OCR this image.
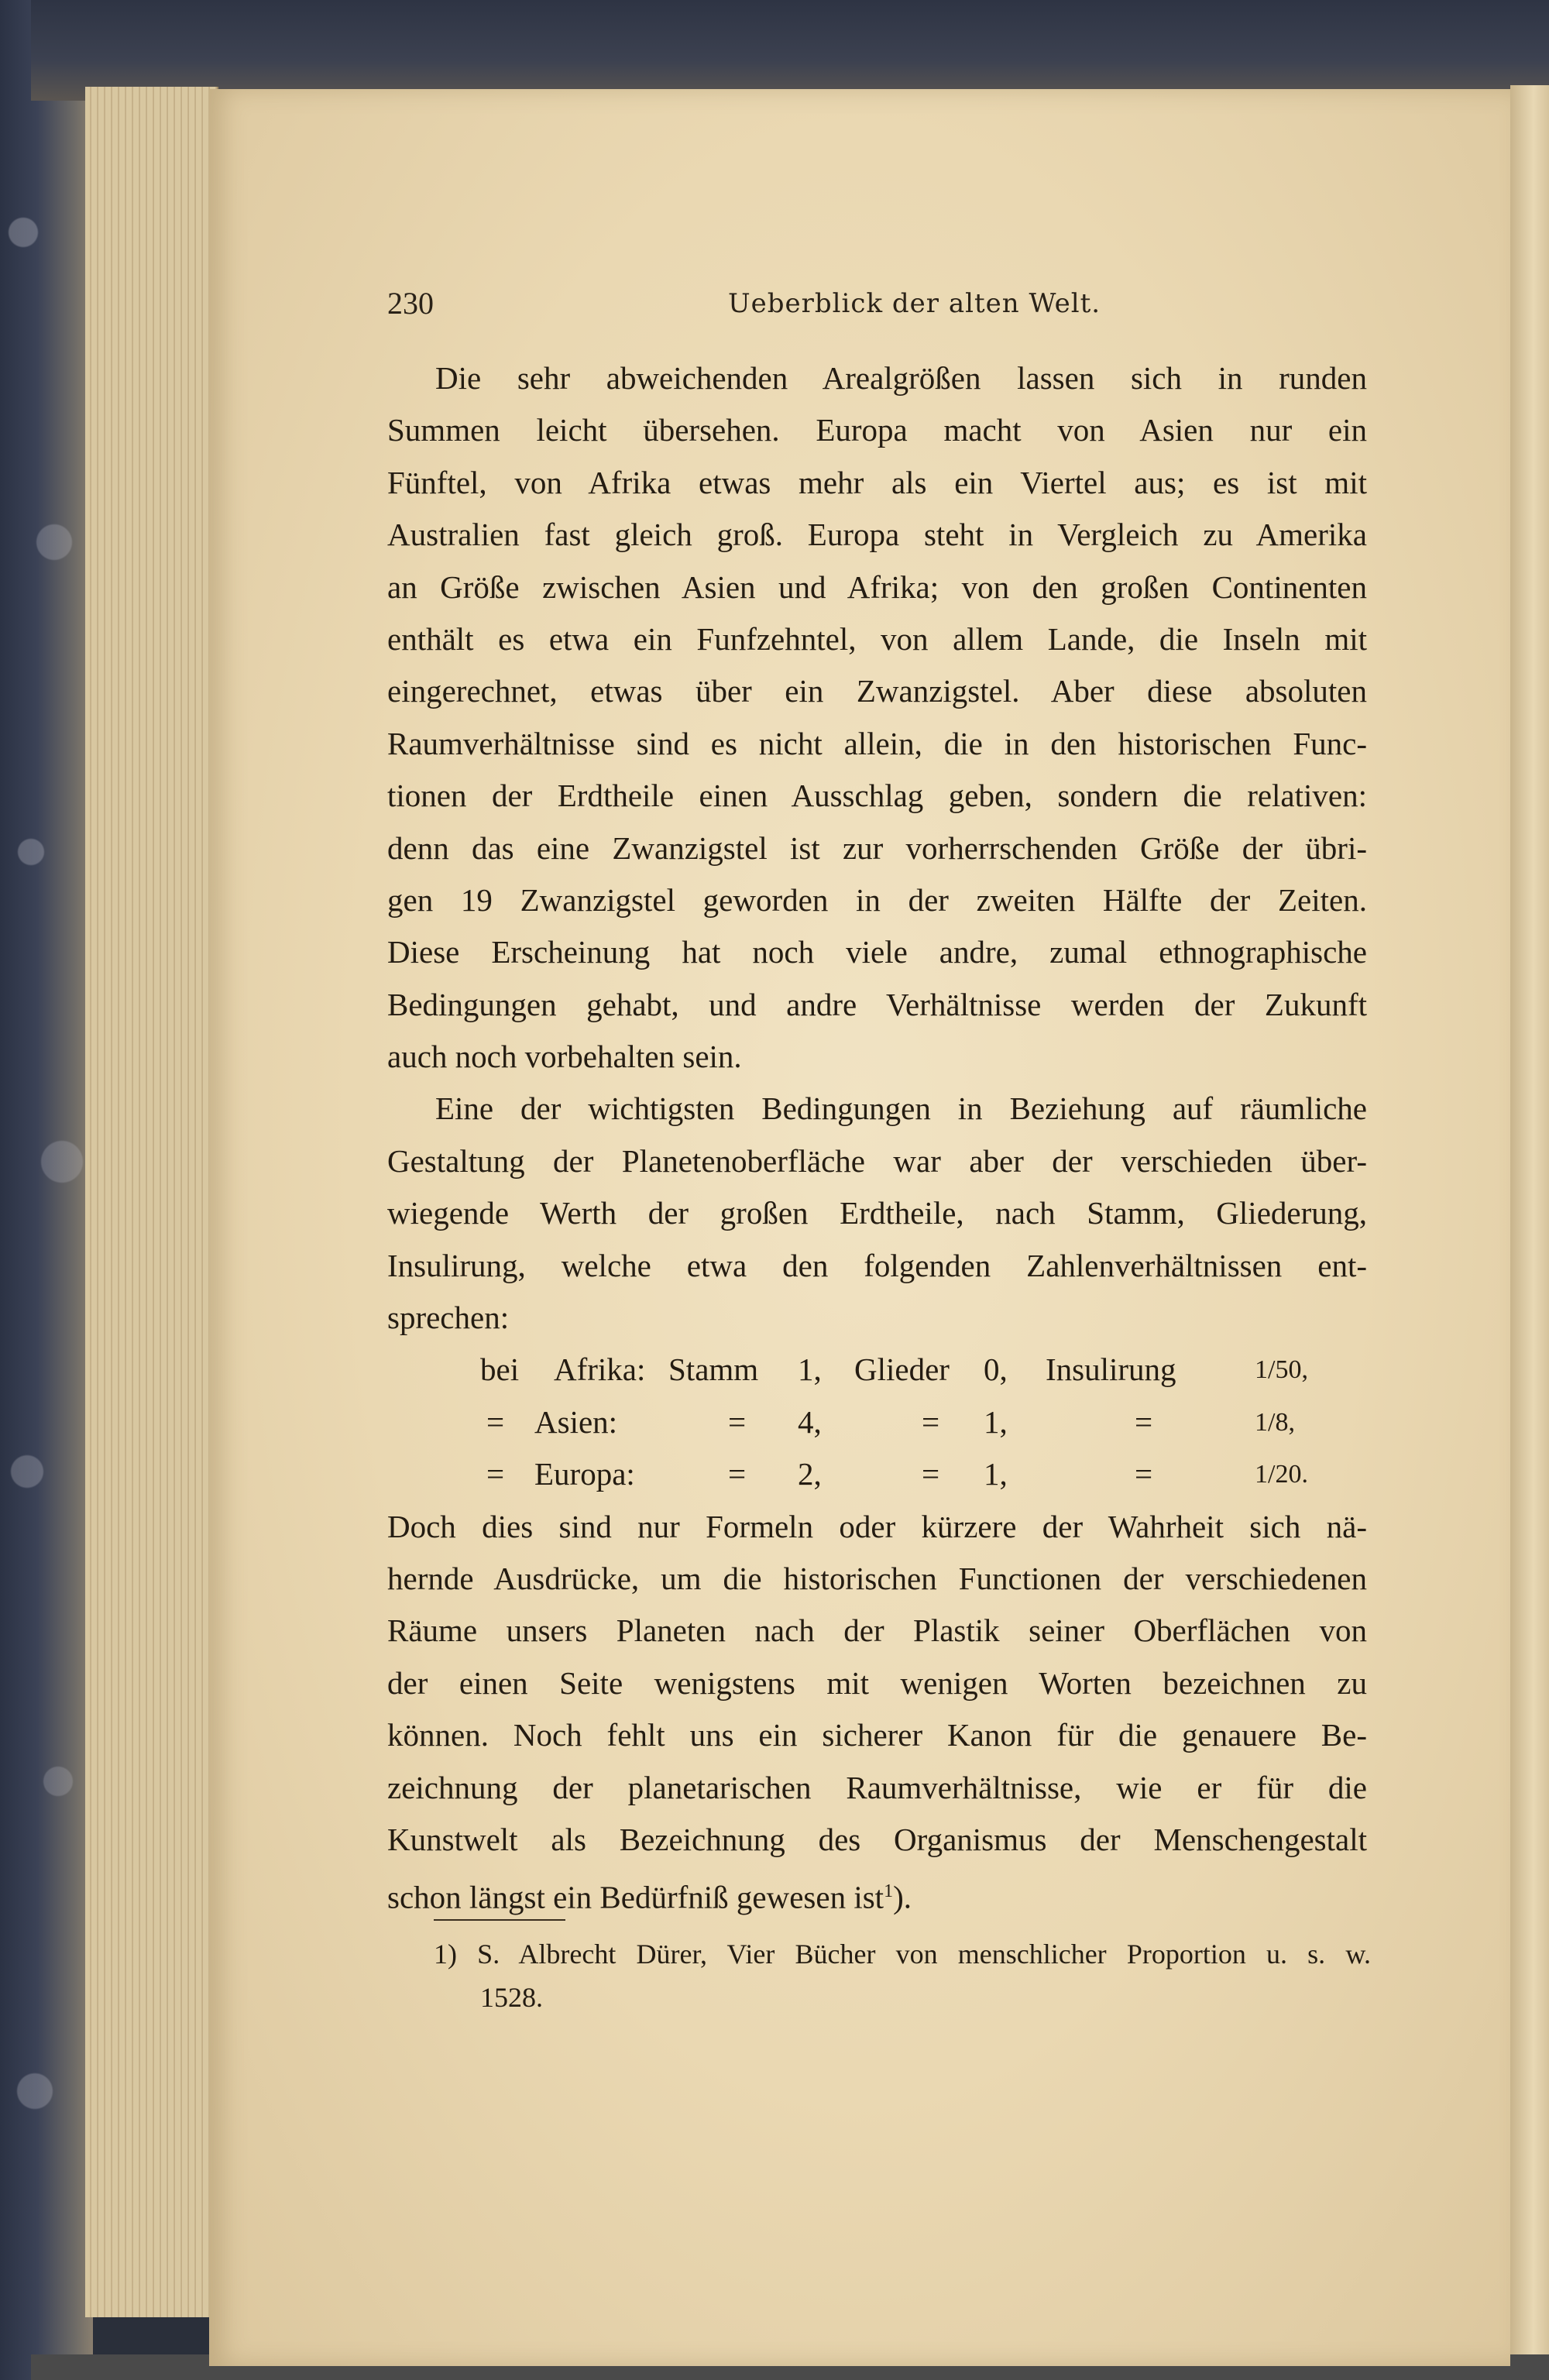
230	Ueberblick der alten Welt.
Die sehr abweichenden Arealgrößen lassen sich in runden
Summen leicht übersehen. Europa macht von Asien nur ein
Fünftel, von Afrika etwas mehr als ein Viertel aus; es ist mit
Australien fast gleich groß. Europa steht in Vergleich zu Amerika
an Größe zwischen Asien und Afrika; von den großen Continenten
enthält es etwa ein Funfzehntel, von allem Lande, die Inseln mit
eingerechnet, etwas über ein Zwanzigstel. Aber diese absoluten
Raumverhältnisse sind es nicht allein, die in den historischen Func-
tionen der Erdtheile einen Ausschlag geben, sondern die relativen:
denn das eine Zwanzigstel ist zur vorherrschenden Größe der übri-
gen 19 Zwanzigstel geworden in der zweiten Hälfte der Zeiten.
Diese Erscheinung hat noch viele andre, zumal ethnographische
Bedingungen gehabt, und andre Verhältnisse werden der Zukunft
auch noch vorbehalten sein.
Eine der wichtigsten Bedingungen in Beziehung auf räumliche
Gestaltung der Planetenoberfläche war aber der verschieden über-
wiegende Werth der großen Erdtheile, nach Stamm, Gliederung,
Insulirung, welche etwa den folgenden Zahlenverhältnissen ent-
sprechen:
bei Afrika: Stamm 1, Glieder 0, Insulirung	1/50,
= Asien:	= 4,	= 1,	=	1/8,
= Europa:	= 2,	= 1,	=	1/20.
Doch dies sind nur Formeln oder kürzere der Wahrheit sich nä-
hernde Ausdrücke, um die historischen Functionen der verschiedenen
Räume unsers Planeten nach der Plastik seiner Oberflächen von
der einen Seite wenigstens mit wenigen Worten bezeichnen zu
können. Noch fehlt uns ein sicherer Kanon für die genauere Be-
zeichnung der planetarischen Raumverhältnisse, wie er für die
Kunstwelt als Bezeichnung des Organismus der Menschengestalt
schon längst ein Bedürfniß gewesen ist$^1$).
1) S. Albrecht Dürer, Vier Bücher von menschlicher Proportion u. s. w.
1528.
